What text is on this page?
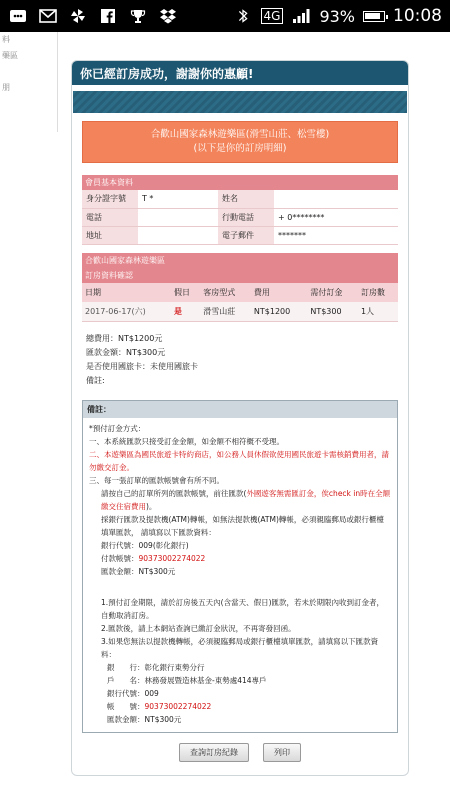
4G 93% 10:08
料
藥區
朋
你已經訂房成功，謝謝你的惠顧!
合歡山國家森林遊樂區(滑雪山莊、松雪樓)
(以下是你的訂房明細)
會員基本資料
身分證字號	T *	姓名	
電話		行動電話	+ 0********
地址		電子郵件	*******
合歡山國家森林遊樂區
訂房資料確認
日期	假日	客房型式	費用	需付訂金	訂房數
2017-06-17(六)	是	滑雪山莊	NT$1200	NT$300	1人
總費用：NT$1200元
匯款金額：NT$300元
是否使用國旅卡：未使用國旅卡
備註:
備註：
*預付訂金方式：
一、本系統匯款只接受訂金金額，如金額不相符概不受理。
二、本遊樂區為國民旅遊卡特約商店，如公務人員休假欲使用國民旅遊卡需核銷費用者，請勿繳交訂金。
三、每一張訂單的匯款帳號會有所不同。
請按自己的訂單所列的匯款帳號，前往匯款(外國遊客無需匯訂金，俟check in時在全額繳交住宿費用)。
採銀行匯款及提款機(ATM)轉帳，如無法提款機(ATM)轉帳，必須親臨郵局或銀行櫃檯填單匯款， 請填寫以下匯款資料：
銀行代號：009(彰化銀行)
付款帳號：90373002274022
匯款金額：NT$300元
1.預付訂金期限，請於訂房後五天內(含當天、假日)匯款，若未於期限內收到訂金者，自動取消訂房。
2.匯款後，請上本網站查詢已繳訂金狀況，不再寄發回函。
3.如果您無法以提款機轉帳，必須親臨郵局或銀行櫃檯填單匯款，請填寫以下匯款資料：
銀　　行：彰化銀行東勢分行
戶　　名：林務發展暨造林基金-東勢處414專戶
銀行代號：009
帳　　號：90373002274022
匯款金額：NT$300元
查詢訂房紀錄	列印
